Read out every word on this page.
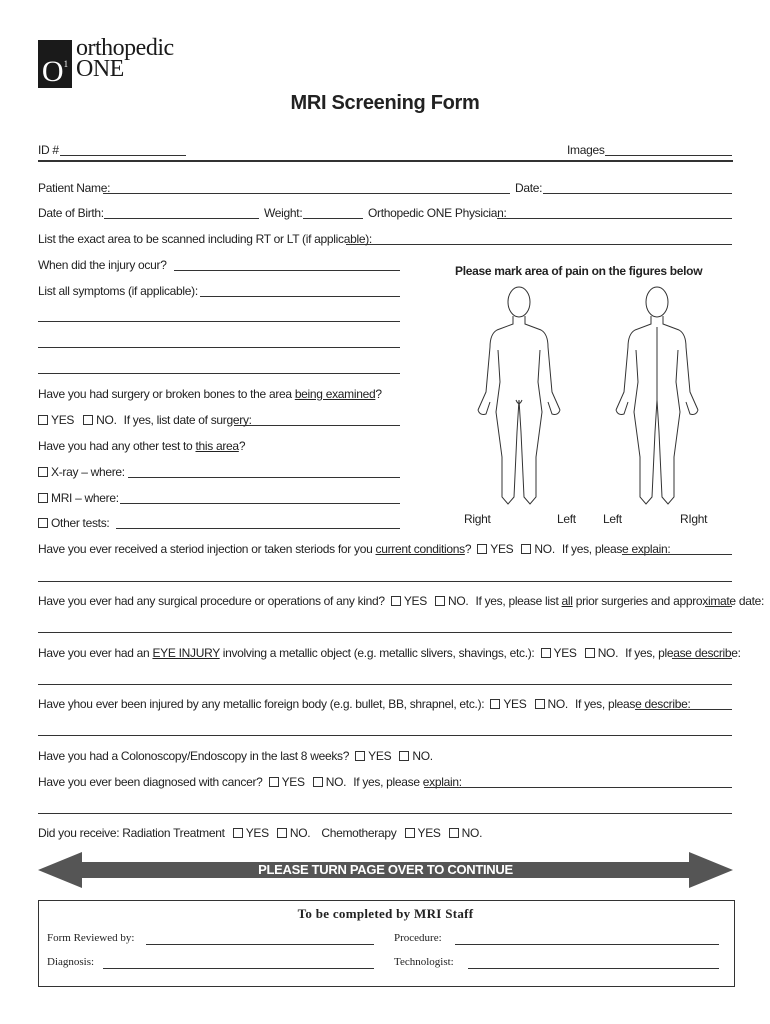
$O^1$
orthopedic
ONE
MRI Screening Form
ID #	Images
Patient Name:	Date:
Date of Birth:	Weight:	Orthopedic ONE Physician:
List the exact area to be scanned including RT or LT (if applicable):
When did the injury ocur?
List all symptoms (if applicable):
Please mark area of pain on the figures below
Right	Left Left	RIght
Have you had surgery or broken bones to the area being examined?
YES NO. If yes, list date of surgery:
Have you had any other test to this area?
X-ray – where:
MRI – where:
Other tests:
Have you ever received a steriod injection or taken steriods for you current conditions? YES NO. If yes, please explain:
Have you ever had any surgical procedure or operations of any kind? YES NO. If yes, please list all prior surgeries and approximate date:
Have you ever had an EYE INJURY involving a metallic object (e.g. metallic slivers, shavings, etc.): YES NO. If yes, please describe:
Have yhou ever been injured by any metallic foreign body (e.g. bullet, BB, shrapnel, etc.): YES NO. If yes, please describe:
Have you had a Colonoscopy/Endoscopy in the last 8 weeks? YES NO.
Have you ever been diagnosed with cancer? YES NO. If yes, please explain:
Did you receive: Radiation Treatment YES NO. Chemotherapy YES NO.
PLEASE TURN PAGE OVER TO CONTINUE
To be completed by MRI Staff
Form Reviewed by:	Procedure:
Diagnosis:	Technologist:
